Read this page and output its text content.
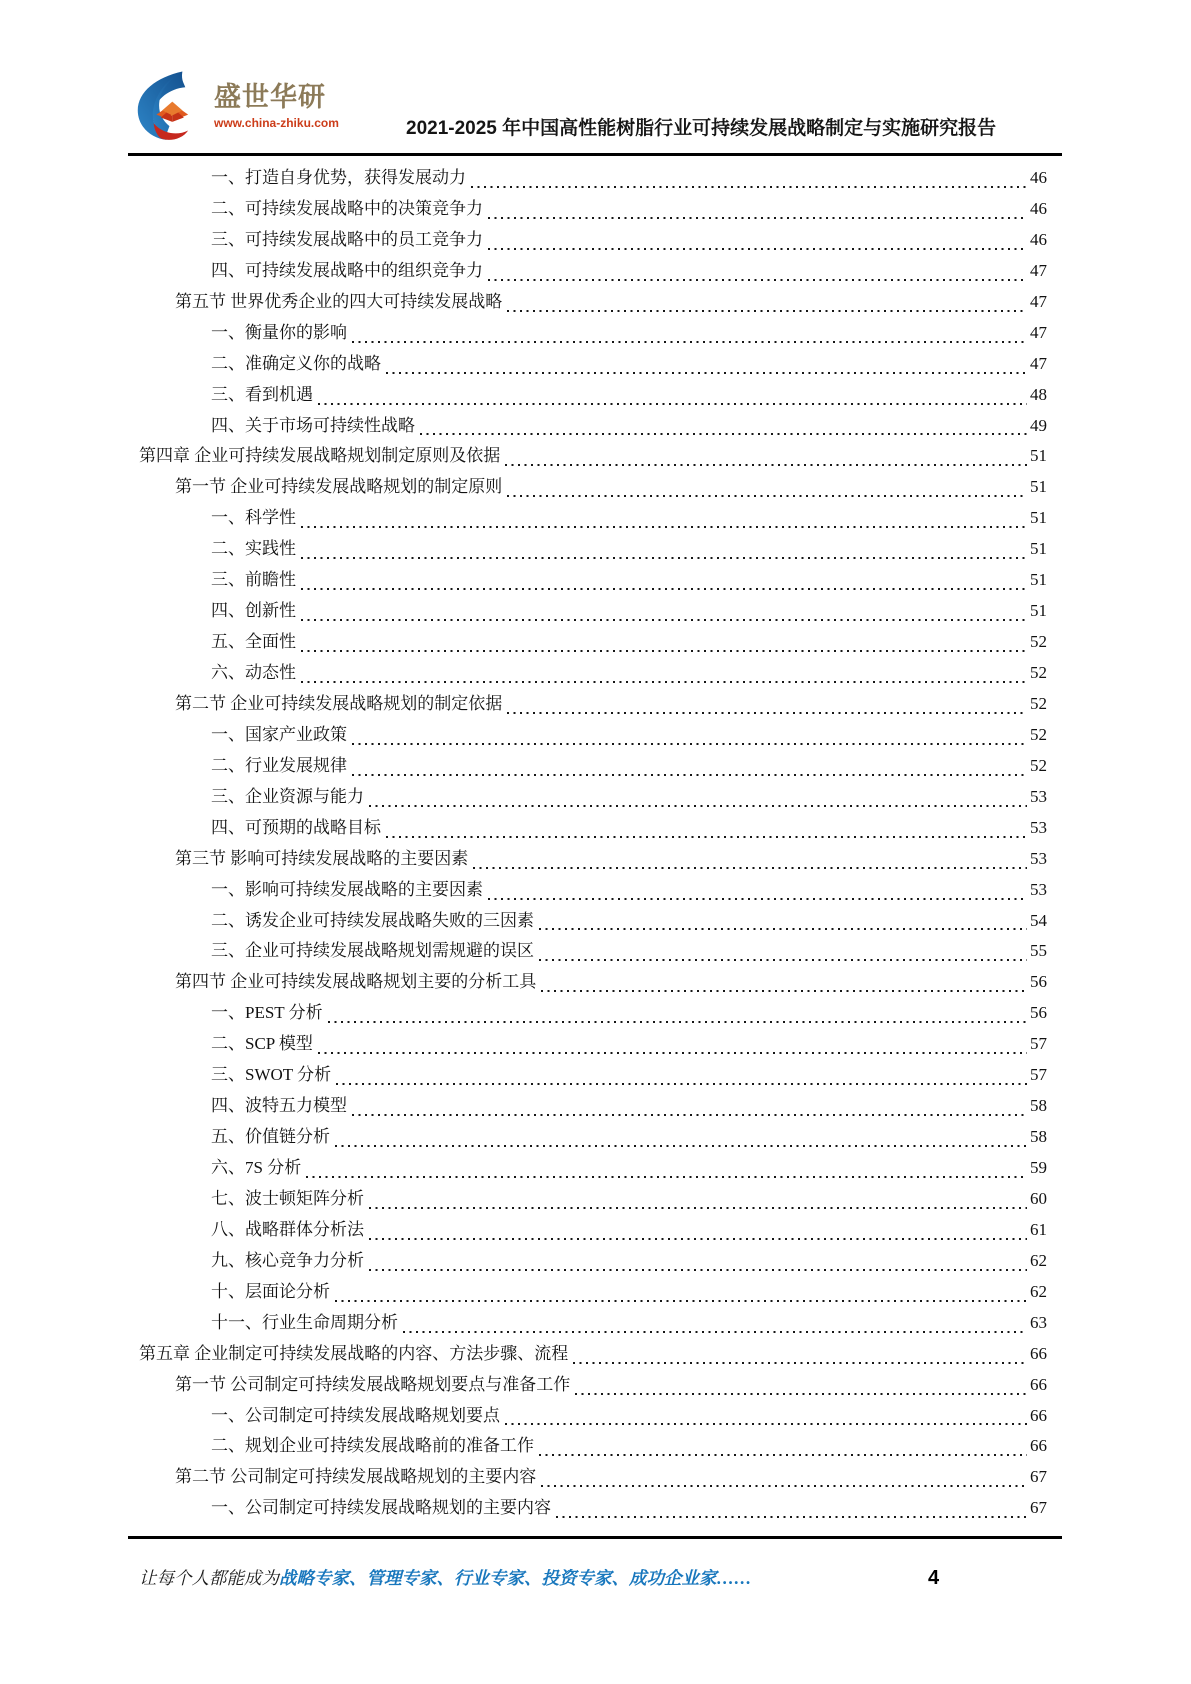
盛世华研
www.china-zhiku.com	2021-2025 年中国高性能树脂行业可持续发展战略制定与实施研究报告
一、打造自身优势，获得发展动力	46
二、可持续发展战略中的决策竞争力	46
三、可持续发展战略中的员工竞争力	46
四、可持续发展战略中的组织竞争力	47
第五节 世界优秀企业的四大可持续发展战略	47
一、衡量你的影响	47
二、准确定义你的战略	47
三、看到机遇	48
四、关于市场可持续性战略	49
第四章 企业可持续发展战略规划制定原则及依据	51
第一节 企业可持续发展战略规划的制定原则	51
一、科学性	51
二、实践性	51
三、前瞻性	51
四、创新性	51
五、全面性	52
六、动态性	52
第二节 企业可持续发展战略规划的制定依据	52
一、国家产业政策	52
二、行业发展规律	52
三、企业资源与能力	53
四、可预期的战略目标	53
第三节 影响可持续发展战略的主要因素	53
一、影响可持续发展战略的主要因素	53
二、诱发企业可持续发展战略失败的三因素	54
三、企业可持续发展战略规划需规避的误区	55
第四节 企业可持续发展战略规划主要的分析工具	56
一、PEST 分析	56
二、SCP 模型	57
三、SWOT 分析	57
四、波特五力模型	58
五、价值链分析	58
六、7S 分析	59
七、波士顿矩阵分析	60
八、战略群体分析法	61
九、核心竞争力分析	62
十、层面论分析	62
十一、行业生命周期分析	63
第五章 企业制定可持续发展战略的内容、方法步骤、流程	66
第一节 公司制定可持续发展战略规划要点与准备工作	66
一、公司制定可持续发展战略规划要点	66
二、规划企业可持续发展战略前的准备工作	66
第二节 公司制定可持续发展战略规划的主要内容	67
一、公司制定可持续发展战略规划的主要内容	67
让每个人都能成为战略专家、管理专家、行业专家、投资专家、成功企业家……	4
